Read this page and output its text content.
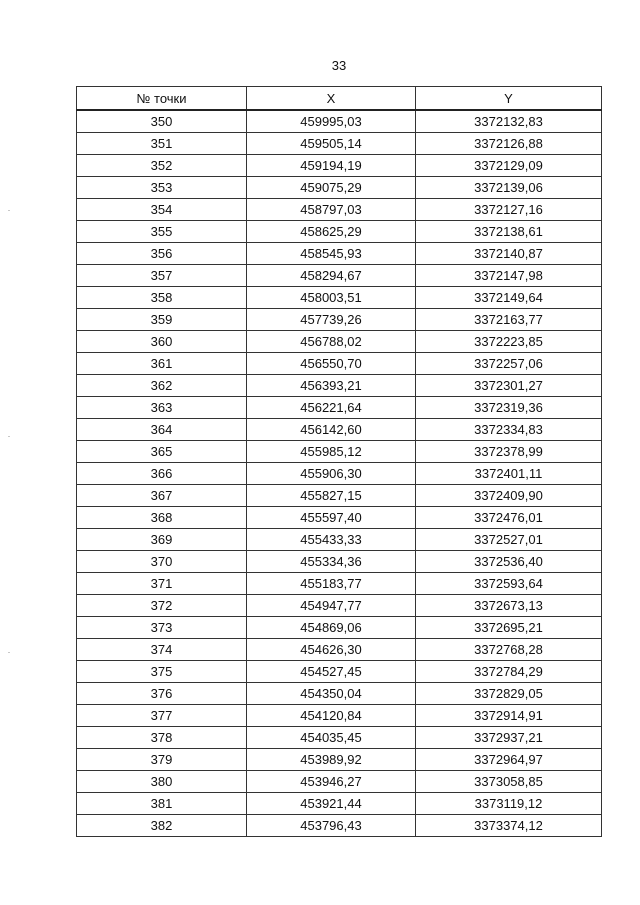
33
№ точки	X	Y
350	459995,03	3372132,83
351	459505,14	3372126,88
352	459194,19	3372129,09
353	459075,29	3372139,06
354	458797,03	3372127,16
355	458625,29	3372138,61
356	458545,93	3372140,87
357	458294,67	3372147,98
358	458003,51	3372149,64
359	457739,26	3372163,77
360	456788,02	3372223,85
361	456550,70	3372257,06
362	456393,21	3372301,27
363	456221,64	3372319,36
364	456142,60	3372334,83
365	455985,12	3372378,99
366	455906,30	3372401,11
367	455827,15	3372409,90
368	455597,40	3372476,01
369	455433,33	3372527,01
370	455334,36	3372536,40
371	455183,77	3372593,64
372	454947,77	3372673,13
373	454869,06	3372695,21
374	454626,30	3372768,28
375	454527,45	3372784,29
376	454350,04	3372829,05
377	454120,84	3372914,91
378	454035,45	3372937,21
379	453989,92	3372964,97
380	453946,27	3373058,85
381	453921,44	3373119,12
382	453796,43	3373374,12
